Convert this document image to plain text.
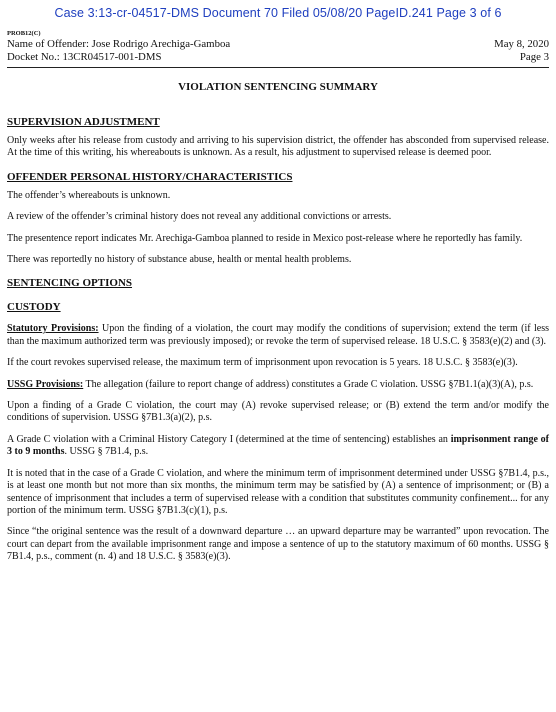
Case 3:13-cr-04517-DMS Document 70 Filed 05/08/20 PageID.241 Page 3 of 6
PROB12(C)
Name of Offender: Jose Rodrigo Arechiga-Gamboa
Docket No.: 13CR04517-001-DMS
May 8, 2020
Page 3
VIOLATION SENTENCING SUMMARY
SUPERVISION ADJUSTMENT

Only weeks after his release from custody and arriving to his supervision district, the offender has absconded from supervised release. At the time of this writing, his whereabouts is unknown. As a result, his adjustment to supervised release is deemed poor.

OFFENDER PERSONAL HISTORY/CHARACTERISTICS

The offender’s whereabouts is unknown.

A review of the offender’s criminal history does not reveal any additional convictions or arrests.

The presentence report indicates Mr. Arechiga-Gamboa planned to reside in Mexico post-release where he reportedly has family.

There was reportedly no history of substance abuse, health or mental health problems.

SENTENCING OPTIONS
CUSTODY

Statutory Provisions: Upon the finding of a violation, the court may modify the conditions of supervision; extend the term (if less than the maximum authorized term was previously imposed); or revoke the term of supervised release. 18 U.S.C. § 3583(e)(2) and (3).

If the court revokes supervised release, the maximum term of imprisonment upon revocation is 5 years. 18 U.S.C. § 3583(e)(3).

USSG Provisions: The allegation (failure to report change of address) constitutes a Grade C violation. USSG §7B1.1(a)(3)(A), p.s.

Upon a finding of a Grade C violation, the court may (A) revoke supervised release; or (B) extend the term and/or modify the conditions of supervision. USSG §7B1.3(a)(2), p.s.

A Grade C violation with a Criminal History Category I (determined at the time of sentencing) establishes an imprisonment range of 3 to 9 months. USSG § 7B1.4, p.s.

It is noted that in the case of a Grade C violation, and where the minimum term of imprisonment determined under USSG §7B1.4, p.s., is at least one month but not more than six months, the minimum term may be satisfied by (A) a sentence of imprisonment; or (B) a sentence of imprisonment that includes a term of supervised release with a condition that substitutes community confinement... for any portion of the minimum term. USSG §7B1.3(c)(1), p.s.

Since “the original sentence was the result of a downward departure … an upward departure may be warranted” upon revocation. The court can depart from the available imprisonment range and impose a sentence of up to the statutory maximum of 60 months. USSG § 7B1.4, p.s., comment (n. 4) and 18 U.S.C. § 3583(e)(3).
